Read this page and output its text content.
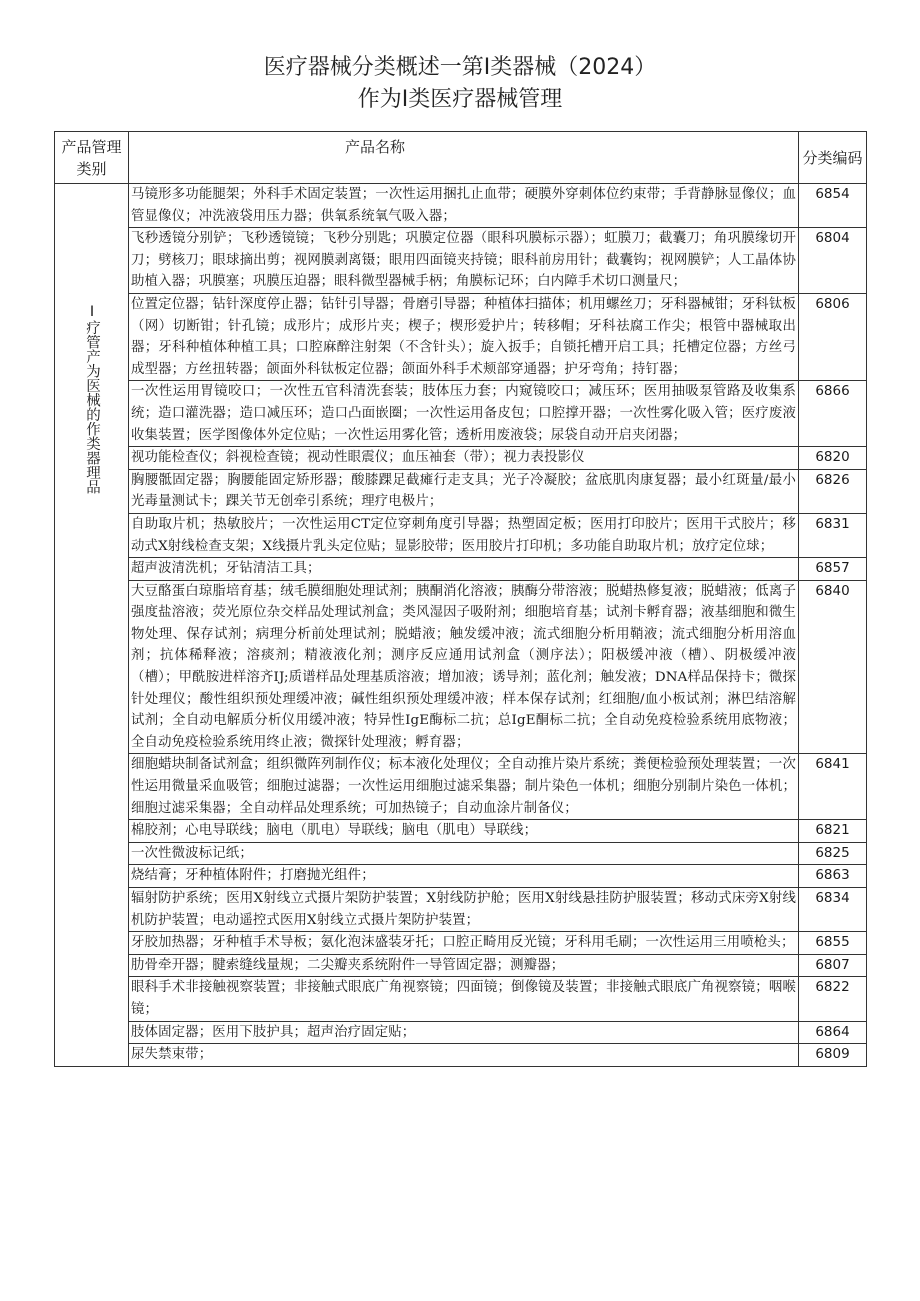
医疗器械分类概述一第Ⅰ类器械（2024）
作为Ⅰ类医疗器械管理
产品管理类别	产品名称	分类编码

Ⅰ疗管产为医械的作类器理品	马镜形多功能腿架；外科手术固定装置；一次性运用捆扎止血带；硬膜外穿刺体位约束带；手背静脉显像仪；血管显像仪；冲洗液袋用压力器；供氧系统氧气吸入器；	6854
	飞秒透镜分别铲；飞秒透镜镜；飞秒分别匙；巩膜定位器（眼科巩膜标示器）；虹膜刀；截囊刀；角巩膜缘切开刀；劈核刀；眼球摘出剪；视网膜剥离镊；眼用四面镜夹持镜；眼科前房用针；截囊钩；视网膜铲；人工晶体协助植入器；巩膜塞；巩膜压迫器；眼科微型器械手柄；角膜标记环；白内障手术切口测量尺；	6804
	位置定位器；钻针深度停止器；钻针引导器；骨磨引导器；种植体扫描体；机用螺丝刀；牙科器械钳；牙科钛板（网）切断钳；针孔镜；成形片；成形片夹；楔子；楔形爱护片；转移帽；牙科祛腐工作尖；根管中器械取出器；牙科种植体种植工具；口腔麻醉注射架（不含针头）；旋入扳手；自锁托槽开启工具；托槽定位器；方丝弓成型器；方丝扭转器；颌面外科钛板定位器；颌面外科手术颊部穿通器；护牙弯角；持钉器；	6806
	一次性运用胃镜咬口；一次性五官科清洗套装；肢体压力套；内窥镜咬口；减压环；医用抽吸泵管路及收集系统；造口灌洗器；造口减压环；造口凸面嵌圈；一次性运用备皮包；口腔撑开器；一次性雾化吸入管；医疗废液收集装置；医学图像体外定位贴；一次性运用雾化管；透析用废液袋；尿袋自动开启夹闭器；	6866
	视功能检查仪；斜视检查镜；视动性眼震仪；血压袖套（带）；视力表投影仪	6820
	胸腰骶固定器；胸腰能固定矫形器；酸膝踝足截瘫行走支具；光子冷凝胶；盆底肌肉康复器；最小红斑量/最小光毒量测试卡；踝关节无创牵引系统；理疗电极片；	6826
	自助取片机；热敏胶片；一次性运用CT定位穿刺角度引导器；热塑固定板；医用打印胶片；医用干式胶片；移动式X射线检查支架；X线摄片乳头定位贴；显影胶带；医用胶片打印机；多功能自助取片机；放疗定位球；	6831
	超声波清洗机；牙钻清洁工具；	6857
	大豆酪蛋白琼脂培育基；绒毛膜细胞处理试剂；胰酮消化溶液；胰酶分带溶液；脱蜡热修复液；脱蜡液；低离子强度盐溶液；荧光原位杂交样品处理试剂盒；类风湿因子吸附剂；细胞培育基；试剂卡孵育器；液基细胞和微生物处理、保存试剂；病理分析前处理试剂；脱蜡液；触发缓冲液；流式细胞分析用鞘液；流式细胞分析用溶血剂；抗体稀释液；溶痰剂；精液液化剂；测序反应通用试剂盒（测序法）；阳极缓冲液（槽）、阴极缓冲液（槽）；甲酰胺进样溶齐IJ;质谱样品处理基质溶液；增加液；诱导剂；蓝化剂；触发液；DNA样品保持卡；微探针处理仪；酸性组织预处理缓冲液；碱性组织预处理缓冲液；样本保存试剂；红细胞/血小板试剂；淋巴结溶解试剂；全自动电解质分析仪用缓冲液；特异性IgE酶标二抗；总IgE酮标二抗；全自动免疫检验系统用底物液；全自动免疫检验系统用终止液；微探针处理液；孵育器；	6840
	细胞蜡块制备试剂盒；组织微阵列制作仪；标本液化处理仪；全自动推片染片系统；粪便检验预处理装置；一次性运用微量采血吸管；细胞过滤器；一次性运用细胞过滤采集器；制片染色一体机；细胞分别制片染色一体机；细胞过滤采集器；全自动样品处理系统；可加热镜子；自动血涂片制备仪；	6841
	棉胶剂；心电导联线；脑电（肌电）导联线；脑电（肌电）导联线；	6821
	一次性微波标记纸；	6825
	烧结膏；牙种植体附件；打磨抛光组件；	6863
	辐射防护系统；医用X射线立式摄片架防护装置；X射线防护舱；医用X射线悬挂防护服装置；移动式床旁X射线机防护装置；电动遥控式医用X射线立式摄片架防护装置；	6834
	牙胶加热器；牙种植手术导板；氨化泡沫盛装牙托；口腔正畸用反光镜；牙科用毛刷；一次性运用三用喷枪头；	6855
	肋骨牵开器；腱索缝线量规；二尖瓣夹系统附件一导管固定器；测瓣器；	6807
	眼科手术非接触视察装置；非接触式眼底广角视察镜；四面镜；倒像镜及装置；非接触式眼底广角视察镜；咽喉镜；	6822
	肢体固定器；医用下肢护具；超声治疗固定贴；	6864
	尿失禁束带；	6809
